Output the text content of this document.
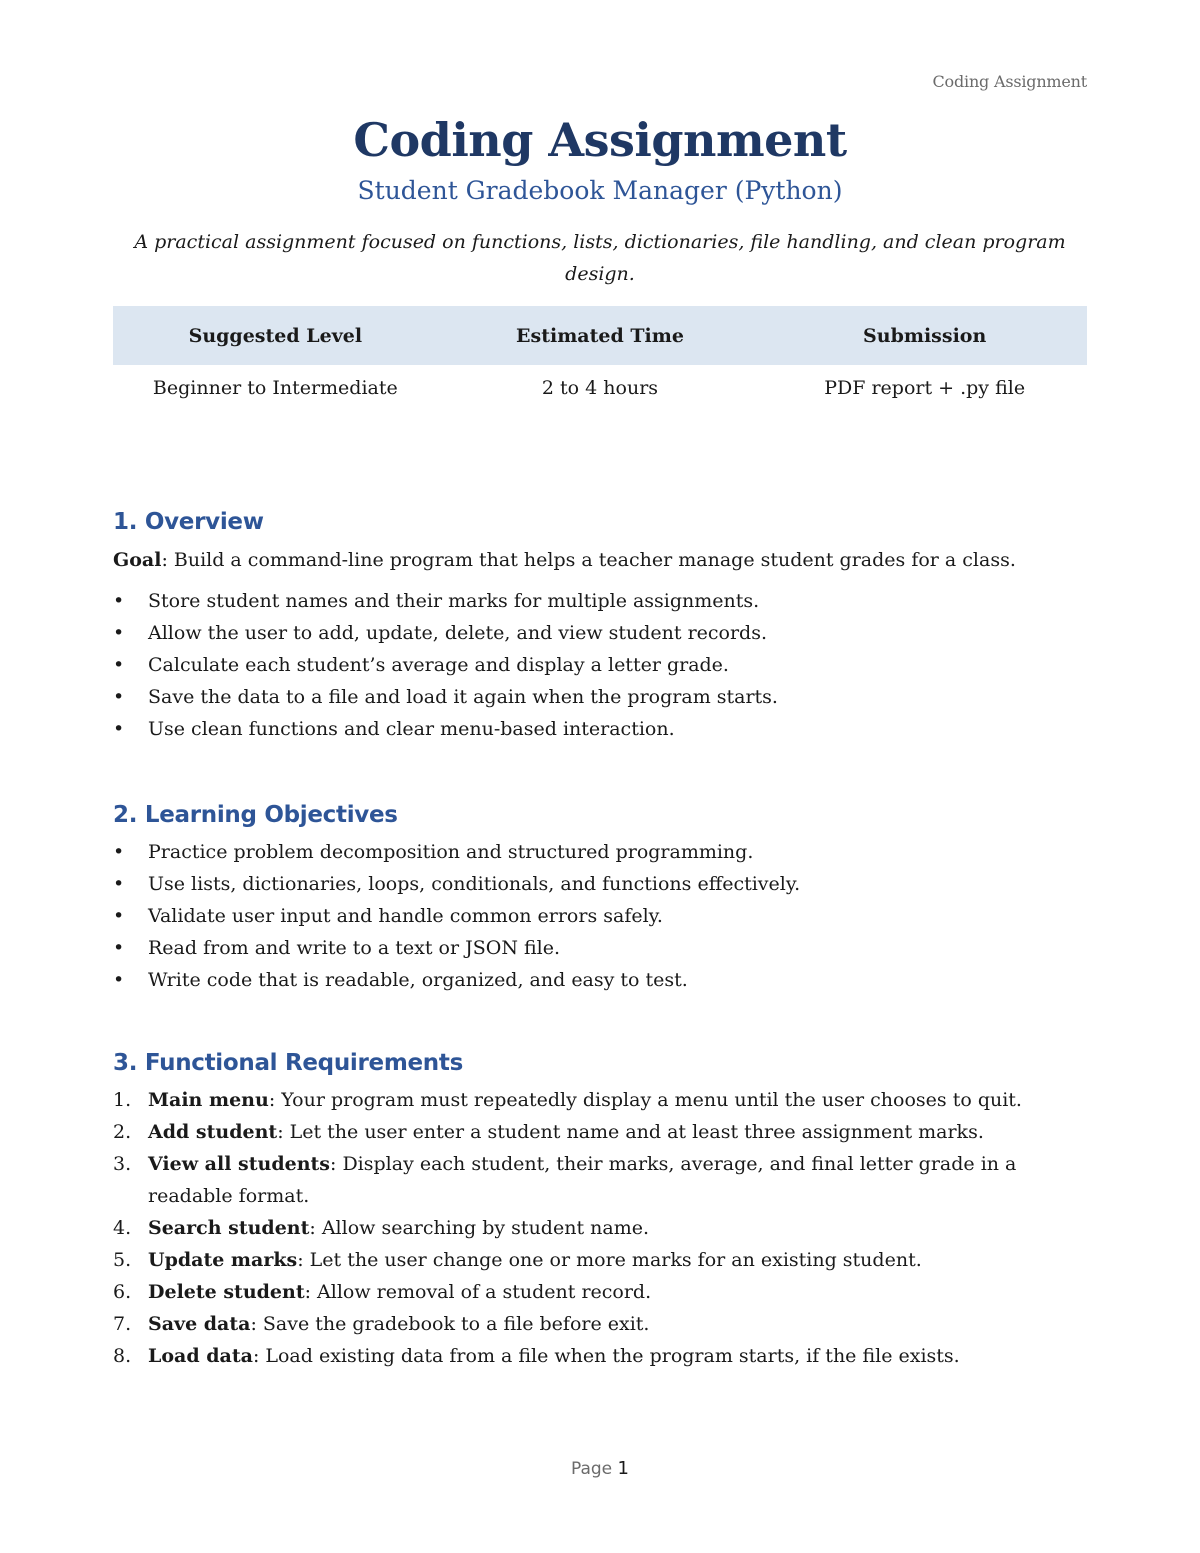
Coding Assignment
Coding Assignment
Student Gradebook Manager (Python)
A practical assignment focused on functions, lists, dictionaries, file handling, and clean program design.
Suggested Level	Estimated Time	Submission
Beginner to Intermediate	2 to 4 hours	PDF report + .py file
1. Overview

Goal: Build a command-line program that helps a teacher manage student grades for a class.

• Store student names and their marks for multiple assignments.
• Allow the user to add, update, delete, and view student records.
• Calculate each student’s average and display a letter grade.
• Save the data to a file and load it again when the program starts.
• Use clean functions and clear menu-based interaction.
2. Learning Objectives
• Practice problem decomposition and structured programming.
• Use lists, dictionaries, loops, conditionals, and functions effectively.
• Validate user input and handle common errors safely.
• Read from and write to a text or JSON file.
• Write code that is readable, organized, and easy to test.
3. Functional Requirements
1. Main menu: Your program must repeatedly display a menu until the user chooses to quit.
2. Add student: Let the user enter a student name and at least three assignment marks.
3. View all students: Display each student, their marks, average, and final letter grade in a readable format.
4. Search student: Allow searching by student name.
5. Update marks: Let the user change one or more marks for an existing student.
6. Delete student: Allow removal of a student record.
7. Save data: Save the gradebook to a file before exit.
8. Load data: Load existing data from a file when the program starts, if the file exists.
Page 1
